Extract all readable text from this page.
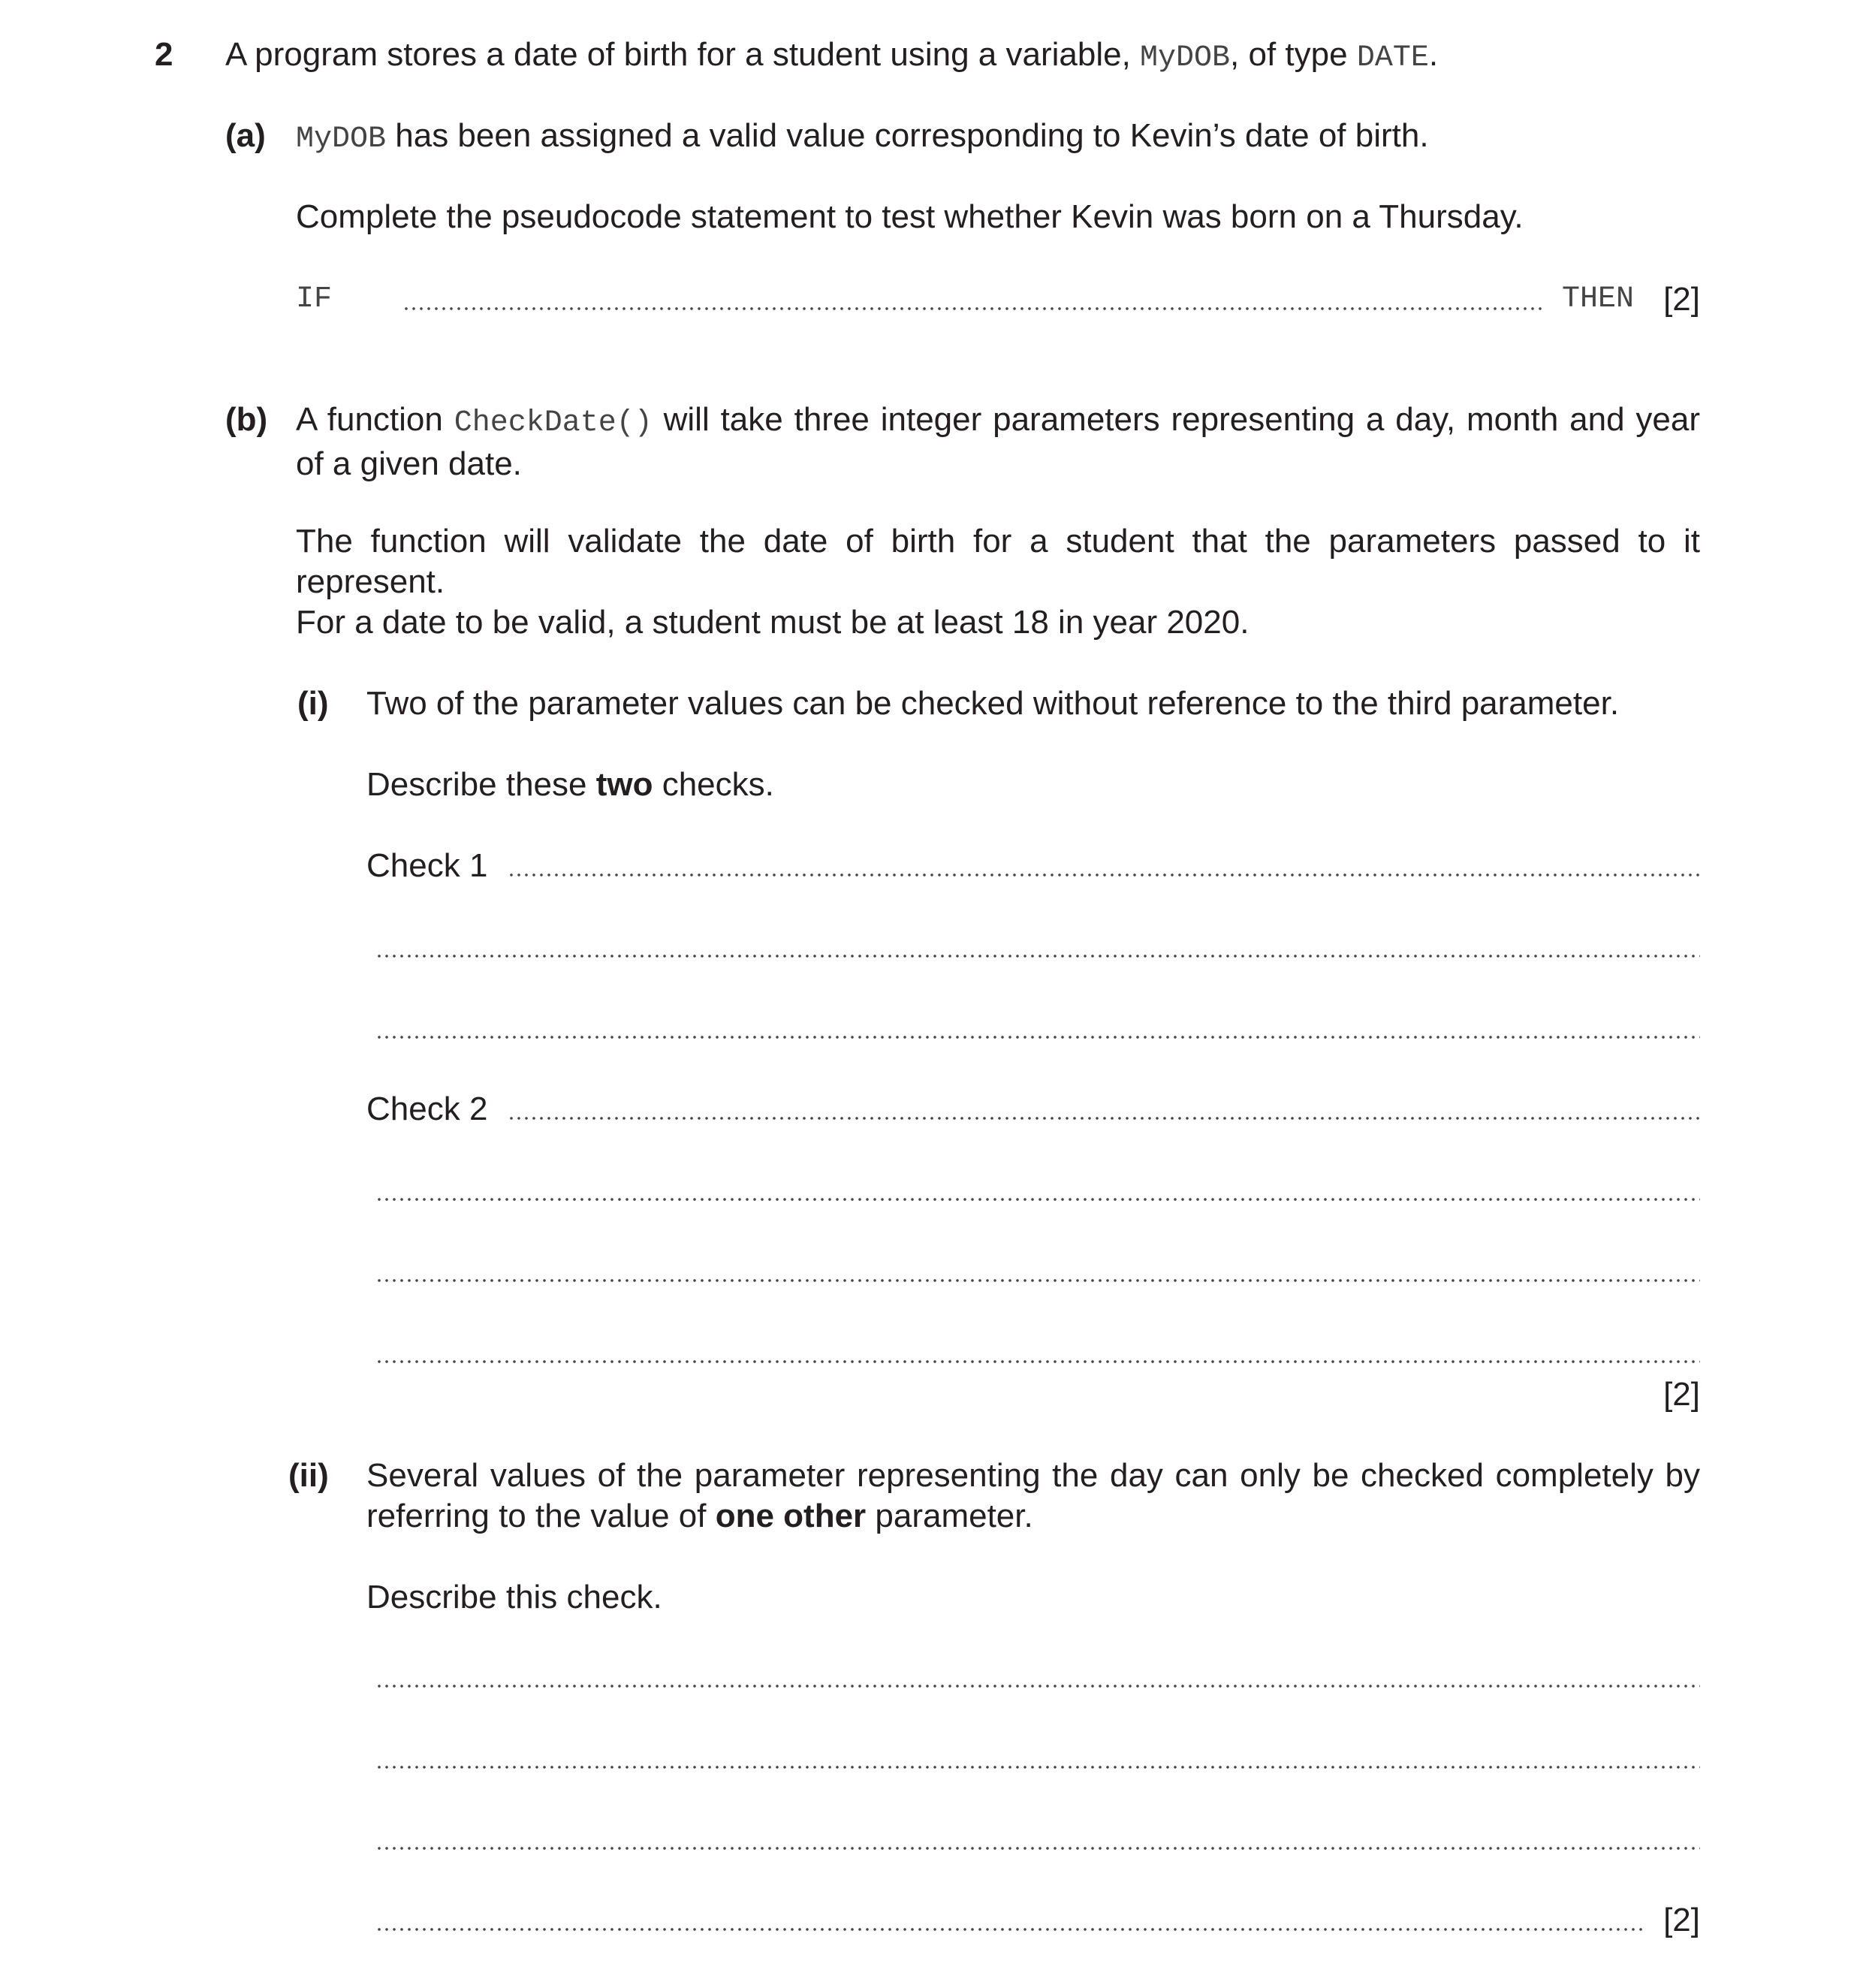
2 A program stores a date of birth for a student using a variable, MyDOB, of type DATE.
(a) MyDOB has been assigned a valid value corresponding to Kevin’s date of birth.
Complete the pseudocode statement to test whether Kevin was born on a Thursday.
IF	THEN [2]
(b) A function CheckDate() will take three integer parameters representing a day, month and year of a given date.
The function will validate the date of birth for a student that the parameters passed to it represent.
For a date to be valid, a student must be at least 18 in year 2020.
(i) Two of the parameter values can be checked without reference to the third parameter.
Describe these two checks.
Check 1
Check 2
[2]
(ii) Several values of the parameter representing the day can only be checked completely by referring to the value of one other parameter.
Describe this check.
[2]
